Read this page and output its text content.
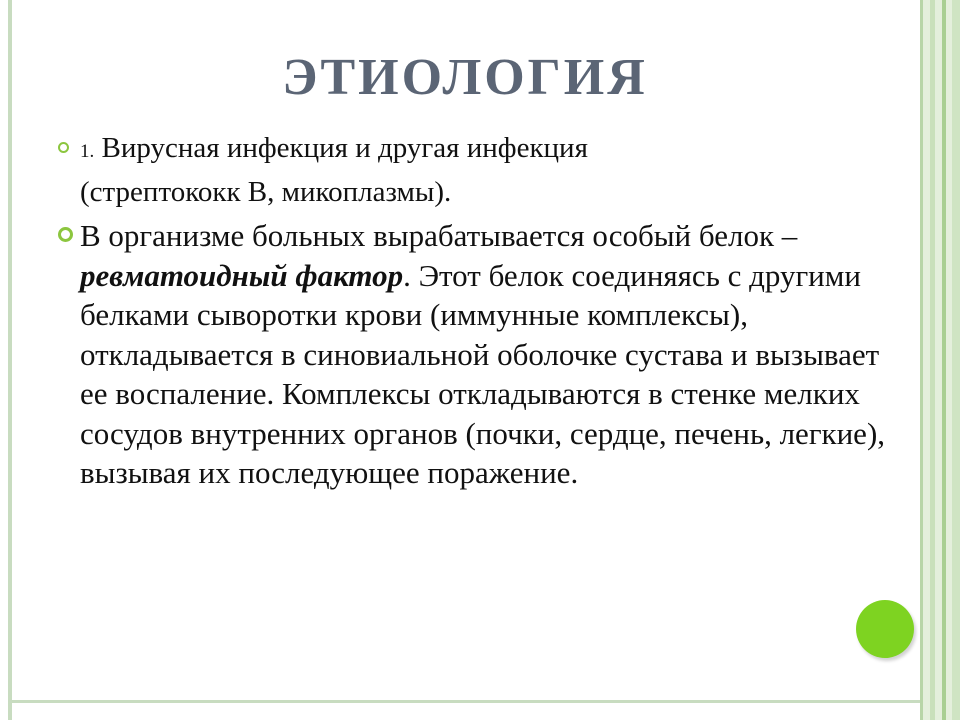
ЭТИОЛОГИЯ
1. Вирусная инфекция и другая инфекция
(стрептококк В, микоплазмы).
В организме больных вырабатывается особый белок – ревматоидный фактор. Этот белок соединяясь с другими белками сыворотки крови (иммунные комплексы), откладывается в синовиальной оболочке сустава и вызывает ее воспаление. Комплексы откладываются в стенке мелких сосудов внутренних органов (почки, сердце, печень, легкие), вызывая их последующее поражение.
